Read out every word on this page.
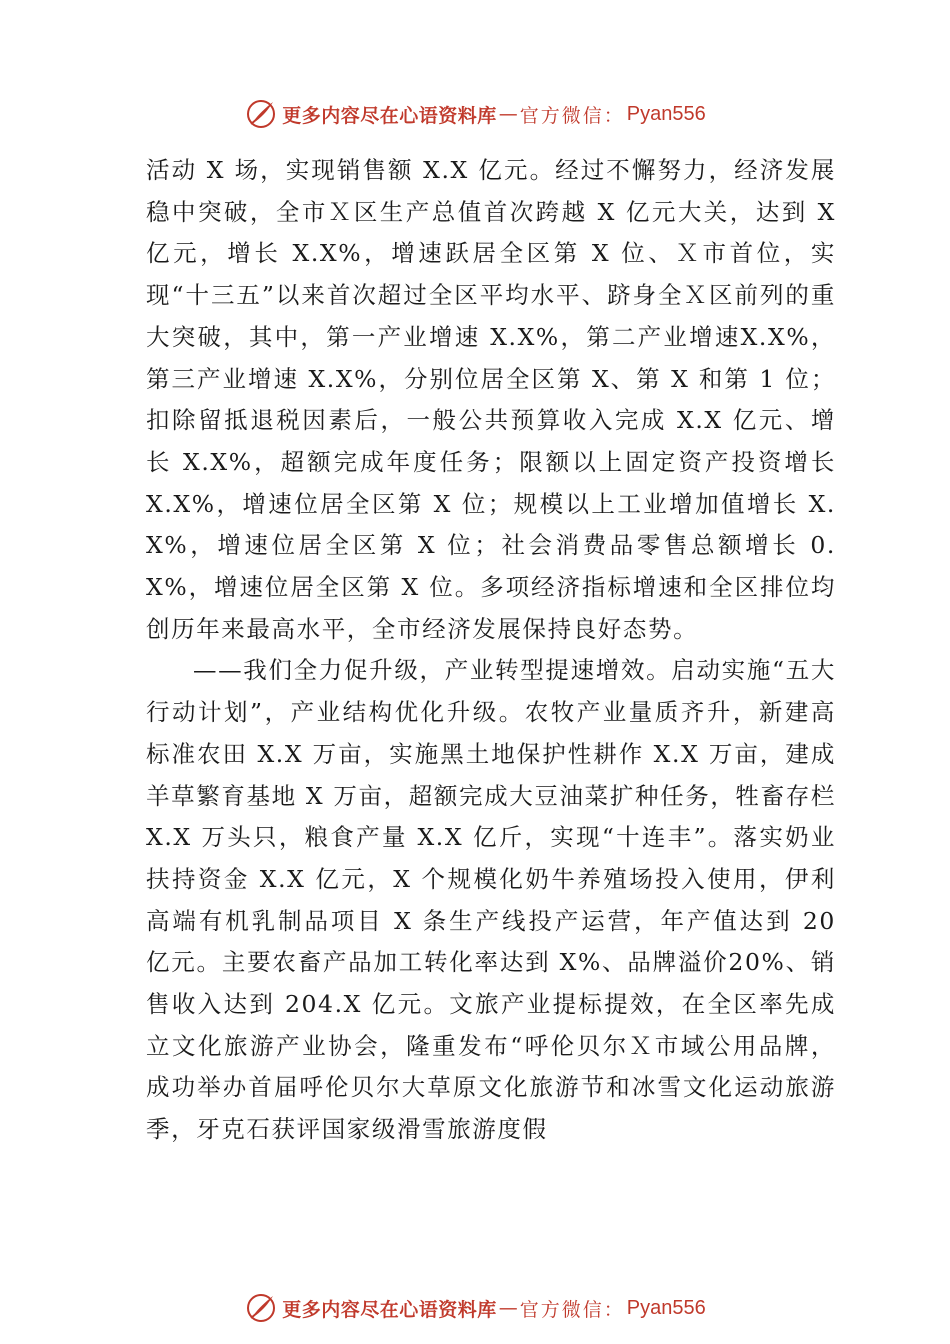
更多内容尽在心语资料库 — 官方微信： Pyan556

活动 X 场，实现销售额 X.X 亿元。经过不懈努力，经济发展稳中突破，全市Ｘ区生产总值首次跨越 X 亿元大关，达到 X 亿元，增长 X.X%，增速跃居全区第 X 位、Ｘ市首位，实现“十三五”以来首次超过全区平均水平、跻身全Ｘ区前列的重大突破，其中，第一产业增速 X.X%，第二产业增速X.X%，第三产业增速 X.X%，分别位居全区第 X、第 X 和第 1 位；扣除留抵退税因素后，一般公共预算收入完成 X.X 亿元、增长 X.X%，超额完成年度任务；限额以上固定资产投资增长 X.X%，增速位居全区第 X 位；规模以上工业增加值增长 X.X%，增速位居全区第 X 位；社会消费品零售总额增长 0.X%，增速位居全区第 X 位。多项经济指标增速和全区排位均创历年来最高水平，全市经济发展保持良好态势。

——我们全力促升级，产业转型提速增效。启动实施“五大行动计划”，产业结构优化升级。农牧产业量质齐升，新建高标准农田 X.X 万亩，实施黑土地保护性耕作 X.X 万亩，建成羊草繁育基地 X 万亩，超额完成大豆油菜扩种任务，牲畜存栏 X.X 万头只，粮食产量 X.X 亿斤，实现“十连丰”。落实奶业扶持资金 X.X 亿元，X 个规模化奶牛养殖场投入使用，伊利高端有机乳制品项目 X 条生产线投产运营，年产值达到 20 亿元。主要农畜产品加工转化率达到 X%、品牌溢价20%、销售收入达到 204.X 亿元。文旅产业提标提效，在全区率先成立文化旅游产业协会，隆重发布“呼伦贝尔Ｘ市域公用品牌，成功举办首届呼伦贝尔大草原文化旅游节和冰雪文化运动旅游季，牙克石获评国家级滑雪旅游度假

更多内容尽在心语资料库 — 官方微信： Pyan556
